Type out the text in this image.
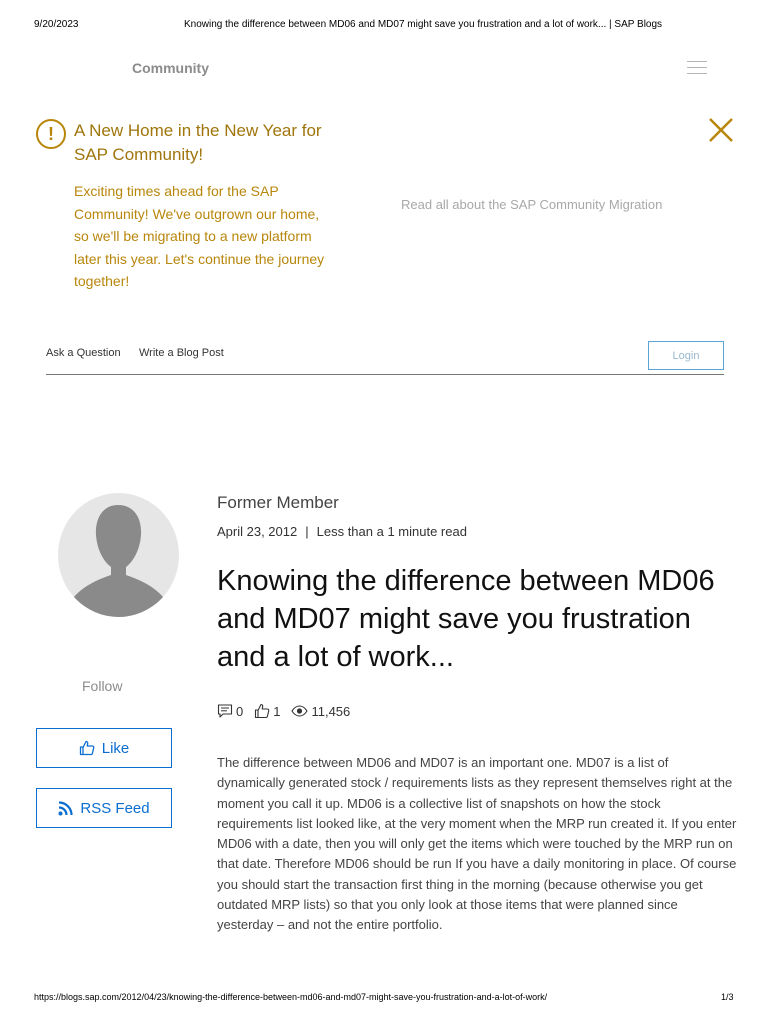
9/20/2023	Knowing the difference between MD06 and MD07 might save you frustration and a lot of work... | SAP Blogs
Community
!	A New Home in the New Year for SAP Community!
Exciting times ahead for the SAP Community! We've outgrown our home, so we'll be migrating to a new platform later this year. Let's continue the journey together!
Read all about the SAP Community Migration
Ask a Question Write a Blog Post	Login
Follow
Like
RSS Feed
Former Member
April 23, 2012 | Less than a 1 minute read
Knowing the difference between MD06 and MD07 might save you frustration and a lot of work...
0 1 11,456

The difference between MD06 and MD07 is an important one. MD07 is a list of dynamically generated stock / requirements lists as they represent themselves right at the moment you call it up. MD06 is a collective list of snapshots on how the stock requirements list looked like, at the very moment when the MRP run created it. If you enter MD06 with a date, then you will only get the items which were touched by the MRP run on that date. Therefore MD06 should be run If you have a daily monitoring in place. Of course you should start the transaction first thing in the morning (because otherwise you get outdated MRP lists) so that you only look at those items that were planned since yesterday – and not the entire portfolio.

https://blogs.sap.com/2012/04/23/knowing-the-difference-between-md06-and-md07-might-save-you-frustration-and-a-lot-of-work/	1/3
